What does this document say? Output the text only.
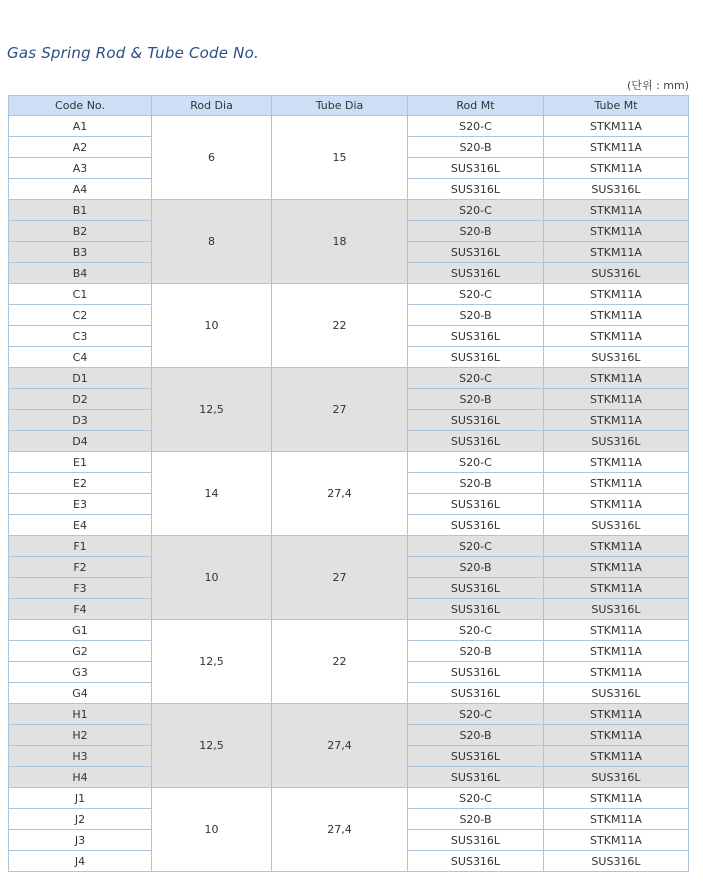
Gas Spring Rod & Tube Code No.
(단위 : mm)
Code No.	Rod Dia	Tube Dia	Rod Mt	Tube Mt
A1	6	15	S20-C	STKM11A
A2			S20-B	STKM11A
A3			SUS316L	STKM11A
A4			SUS316L	SUS316L
B1	8	18	S20-C	STKM11A
B2			S20-B	STKM11A
B3			SUS316L	STKM11A
B4			SUS316L	SUS316L
C1	10	22	S20-C	STKM11A
C2			S20-B	STKM11A
C3			SUS316L	STKM11A
C4			SUS316L	SUS316L
D1	12,5	27	S20-C	STKM11A
D2			S20-B	STKM11A
D3			SUS316L	STKM11A
D4			SUS316L	SUS316L
E1	14	27,4	S20-C	STKM11A
E2			S20-B	STKM11A
E3			SUS316L	STKM11A
E4			SUS316L	SUS316L
F1	10	27	S20-C	STKM11A
F2			S20-B	STKM11A
F3			SUS316L	STKM11A
F4			SUS316L	SUS316L
G1	12,5	22	S20-C	STKM11A
G2			S20-B	STKM11A
G3			SUS316L	STKM11A
G4			SUS316L	SUS316L
H1	12,5	27,4	S20-C	STKM11A
H2			S20-B	STKM11A
H3			SUS316L	STKM11A
H4			SUS316L	SUS316L
J1	10	27,4	S20-C	STKM11A
J2			S20-B	STKM11A
J3			SUS316L	STKM11A
J4			SUS316L	SUS316L
